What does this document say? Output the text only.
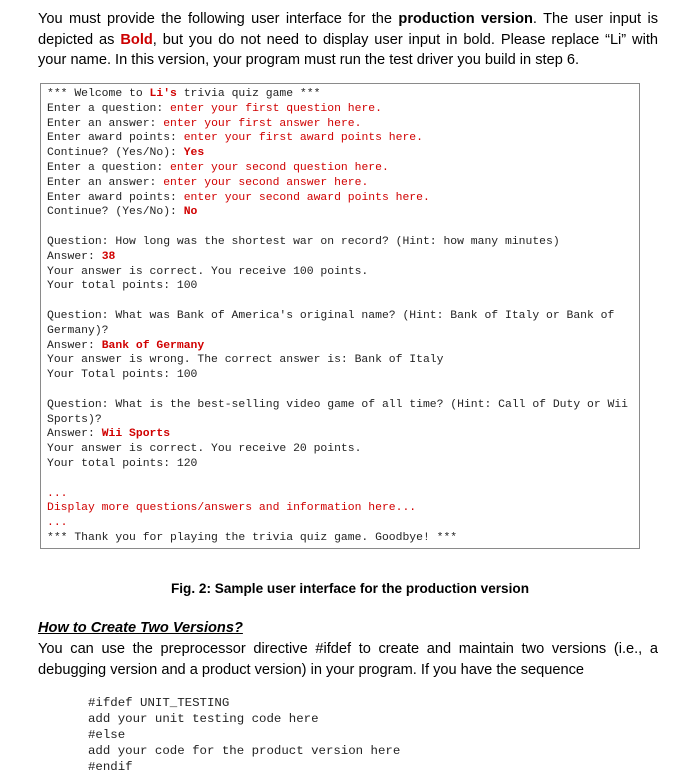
You must provide the following user interface for the production version. The user input is depicted as Bold, but you do not need to display user input in bold. Please replace “Li” with your name. In this version, your program must run the test driver you build in step 6.
*** Welcome to Li's trivia quiz game ***
Enter a question: enter your first question here.
Enter an answer: enter your first answer here.
Enter award points: enter your first award points here.
Continue? (Yes/No): Yes
Enter a question: enter your second question here.
Enter an answer: enter your second answer here.
Enter award points: enter your second award points here.
Continue? (Yes/No): No
Question: How long was the shortest war on record? (Hint: how many minutes)
Answer: 38
Your answer is correct. You receive 100 points.
Your total points: 100
Question: What was Bank of America's original name? (Hint: Bank of Italy or Bank of Germany)?
Answer: Bank of Germany
Your answer is wrong. The correct answer is: Bank of Italy
Your Total points: 100
Question: What is the best-selling video game of all time? (Hint: Call of Duty or Wii Sports)?
Answer: Wii Sports
Your answer is correct. You receive 20 points.
Your total points: 120
...
Display more questions/answers and information here...
...
*** Thank you for playing the trivia quiz game. Goodbye! ***
Fig. 2: Sample user interface for the production version
How to Create Two Versions?
You can use the preprocessor directive #ifdef to create and maintain two versions (i.e., a debugging version and a product version) in your program. If you have the sequence
#ifdef UNIT_TESTING
add your unit testing code here
#else
add your code for the product version here
#endif
